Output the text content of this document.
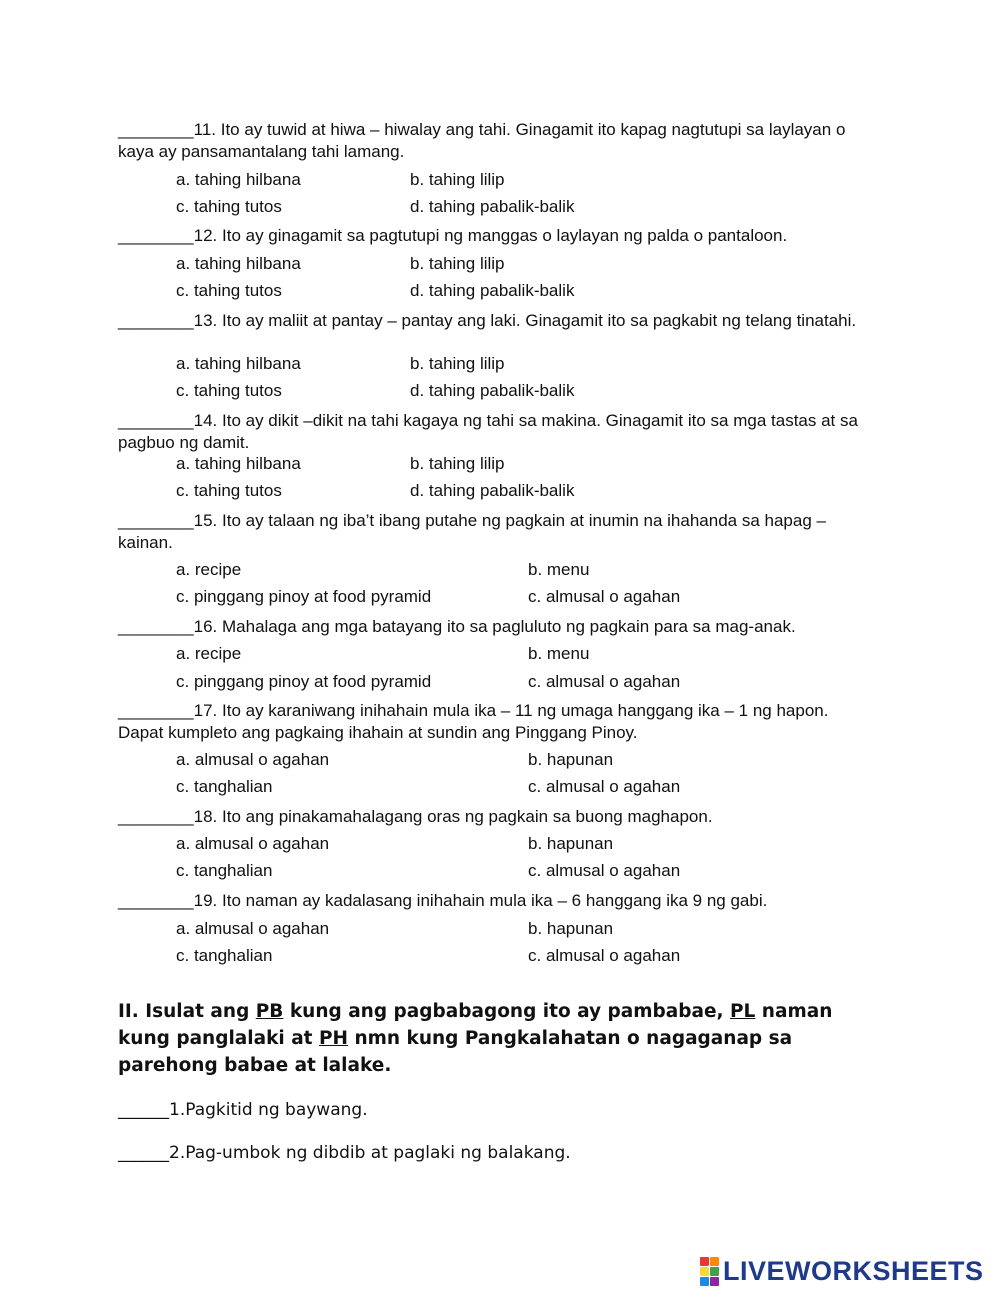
________11. Ito ay tuwid at hiwa – hiwalay ang tahi. Ginagamit ito kapag nagtutupi sa laylayan o kaya ay pansamantalang tahi lamang.

a. tahing hilbana	b. tahing lilip

c. tahing tutos	d. tahing pabalik-balik

________12. Ito ay ginagamit sa pagtutupi ng manggas o laylayan ng palda o pantaloon.

a. tahing hilbana	b. tahing lilip

c. tahing tutos	d. tahing pabalik-balik

________13. Ito ay maliit at pantay – pantay ang laki. Ginagamit ito sa pagkabit ng telang tinatahi.

a. tahing hilbana	b. tahing lilip

c. tahing tutos	d. tahing pabalik-balik

________14. Ito ay dikit –dikit na tahi kagaya ng tahi sa makina. Ginagamit ito sa mga tastas at sa pagbuo ng damit.

a. tahing hilbana	b. tahing lilip

c. tahing tutos	d. tahing pabalik-balik

________15. Ito ay talaan ng iba’t ibang putahe ng pagkain at inumin na ihahanda sa hapag – kainan.

a. recipe	b. menu

c. pinggang pinoy at food pyramid	c. almusal o agahan

________16. Mahalaga ang mga batayang ito sa pagluluto ng pagkain para sa mag-anak.

a. recipe	b. menu

c. pinggang pinoy at food pyramid	c. almusal o agahan

________17. Ito ay karaniwang inihahain mula ika – 11 ng umaga hanggang ika – 1 ng hapon. Dapat kumpleto ang pagkaing ihahain at sundin ang Pinggang Pinoy.

a. almusal o agahan	b. hapunan

c. tanghalian	c. almusal o agahan

________18. Ito ang pinakamahalagang oras ng pagkain sa buong maghapon.

a. almusal o agahan	b. hapunan

c. tanghalian	c. almusal o agahan

________19. Ito naman ay kadalasang inihahain mula ika – 6 hanggang ika 9 ng gabi.

a. almusal o agahan	b. hapunan

c. tanghalian	c. almusal o agahan

II. Isulat ang PB kung ang pagbabagong ito ay pambabae, PL naman kung panglalaki at PH nmn kung Pangkalahatan o nagaganap sa parehong babae at lalake.

______1.Pagkitid ng baywang.

______2.Pag-umbok ng dibdib at paglaki ng balakang.

LIVEWORKSHEETS
